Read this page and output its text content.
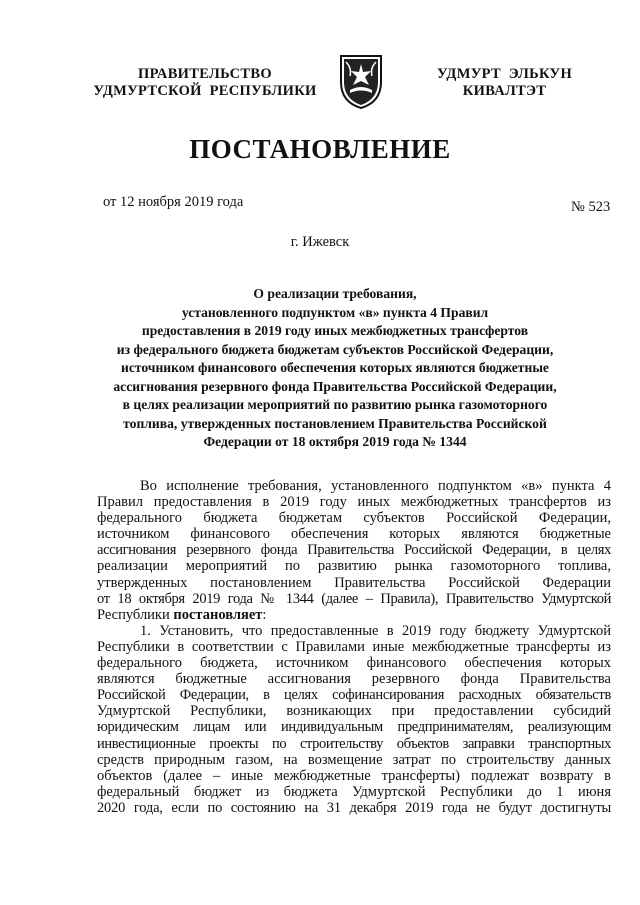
ПРАВИТЕЛЬСТВО
УДМУРТСКОЙ  РЕСПУБЛИКИ
УДМУРТ  ЭЛЬКУН
КИВАЛТЭТ
ПОСТАНОВЛЕНИЕ
от 12 ноября 2019 года	№ 523
г. Ижевск
О реализации требования,
установленного подпунктом «в» пункта 4 Правил
предоставления в 2019 году иных межбюджетных трансфертов
из федерального бюджета бюджетам субъектов Российской Федерации,
источником финансового обеспечения которых являются бюджетные
ассигнования резервного фонда Правительства Российской Федерации,
в целях реализации мероприятий по развитию рынка газомоторного
топлива, утвержденных постановлением Правительства Российской
Федерации от 18 октября 2019 года № 1344
Во исполнение требования, установленного подпунктом «в» пункта 4
Правил предоставления в 2019 году иных межбюджетных трансфертов из
федерального бюджета бюджетам субъектов Российской Федерации,
источником финансового обеспечения которых являются бюджетные
ассигнования резервного фонда Правительства Российской Федерации, в целях
реализации мероприятий по развитию рынка газомоторного топлива,
утвержденных постановлением Правительства Российской Федерации
от 18 октября 2019 года № 1344 (далее – Правила), Правительство Удмуртской
Республики постановляет:
1. Установить, что предоставленные в 2019 году бюджету Удмуртской
Республики в соответствии с Правилами иные межбюджетные трансферты из
федерального бюджета, источником финансового обеспечения которых
являются бюджетные ассигнования резервного фонда Правительства
Российской Федерации, в целях софинансирования расходных обязательств
Удмуртской Республики, возникающих при предоставлении субсидий
юридическим лицам или индивидуальным предпринимателям, реализующим
инвестиционные проекты по строительству объектов заправки транспортных
средств природным газом, на возмещение затрат по строительству данных
объектов (далее – иные межбюджетные трансферты) подлежат возврату в
федеральный бюджет из бюджета Удмуртской Республики до 1 июня
2020 года, если по состоянию на 31 декабря 2019 года не будут достигнуты
